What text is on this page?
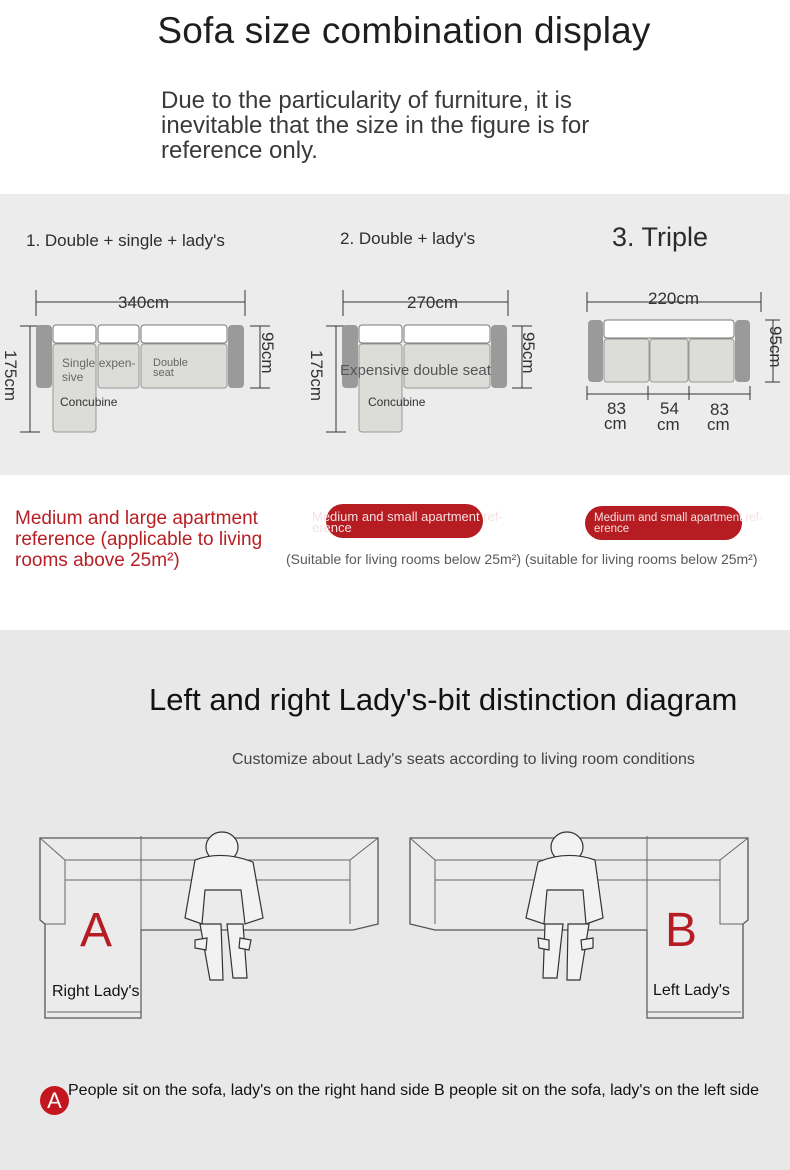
Sofa size combination display
Due to the particularity of furniture, it is inevitable that the size in the figure is for reference only.
1. Double + single + lady's	2. Double + lady's	3. Triple
340cm
95cm
175cm	Single expen-
sive
Double
seat
Concubine
270cm
95cm
175cm Expensive double seat
Concubine
220cm
95cm
83
cm
54
cm
83
cm
Medium and large apartment reference (applicable to living rooms above 25m²)
Medium and small apartment ref-erence
Medium and small apartment ref-erence
(Suitable for living rooms below 25m²) (suitable for living rooms below 25m²)
Left and right Lady's-bit distinction diagram
Customize about Lady's seats according to living room conditions
A
Right Lady's
B
Left Lady's
A People sit on the sofa, lady's on the right hand side B people sit on the sofa, lady's on the left side
